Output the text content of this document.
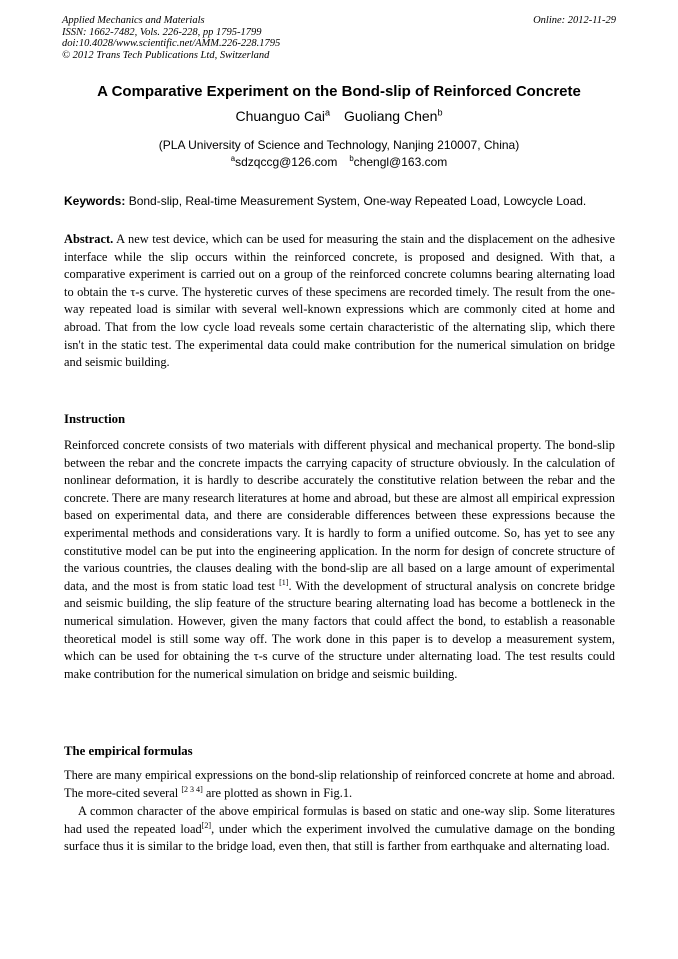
Applied Mechanics and Materials
ISSN: 1662-7482, Vols. 226-228, pp 1795-1799
doi:10.4028/www.scientific.net/AMM.226-228.1795
© 2012 Trans Tech Publications Ltd, Switzerland
Online: 2012-11-29
A Comparative Experiment on the Bond-slip of Reinforced Concrete
Chuanguo Cai$^a$ Guoliang Chen$^b$
(PLA University of Science and Technology, Nanjing 210007, China)
$^a$sdzqccg@126.com $^b$chengl@163.com
Keywords: Bond-slip, Real-time Measurement System, One-way Repeated Load, Lowcycle Load.

Abstract. A new test device, which can be used for measuring the stain and the displacement on the adhesive interface while the slip occurs within the reinforced concrete, is proposed and designed. With that, a comparative experiment is carried out on a group of the reinforced concrete columns bearing alternating load to obtain the τ-s curve. The hysteretic curves of these specimens are recorded timely. The result from the one-way repeated load is similar with several well-known expressions which are commonly cited at home and abroad. That from the low cycle load reveals some certain characteristic of the alternating slip, which there isn't in the static test. The experimental data could make contribution for the numerical simulation on bridge and seismic building.

Instruction

Reinforced concrete consists of two materials with different physical and mechanical property. The bond-slip between the rebar and the concrete impacts the carrying capacity of structure obviously. In the calculation of nonlinear deformation, it is hardly to describe accurately the constitutive relation between the rebar and the concrete. There are many research literatures at home and abroad, but these are almost all empirical expression based on experimental data, and there are considerable differences between these expressions because the experimental methods and considerations vary. It is hardly to form a unified outcome. So, has yet to see any constitutive model can be put into the engineering application. In the norm for design of concrete structure of the various countries, the clauses dealing with the bond-slip are all based on a large amount of experimental data, and the most is from static load test [1]. With the development of structural analysis on concrete bridge and seismic building, the slip feature of the structure bearing alternating load has become a bottleneck in the numerical simulation. However, given the many factors that could affect the bond, to establish a reasonable theoretical model is still some way off. The work done in this paper is to develop a measurement system, which can be used for obtaining the τ-s curve of the structure under alternating load. The test results could make contribution for the numerical simulation on bridge and seismic building.

The empirical formulas

There are many empirical expressions on the bond-slip relationship of reinforced concrete at home and abroad. The more-cited several [2 3 4] are plotted as shown in Fig.1.

A common character of the above empirical formulas is based on static and one-way slip. Some literatures had used the repeated load[2], under which the experiment involved the cumulative damage on the bonding surface thus it is similar to the bridge load, even then, that still is farther from earthquake and alternating load.
